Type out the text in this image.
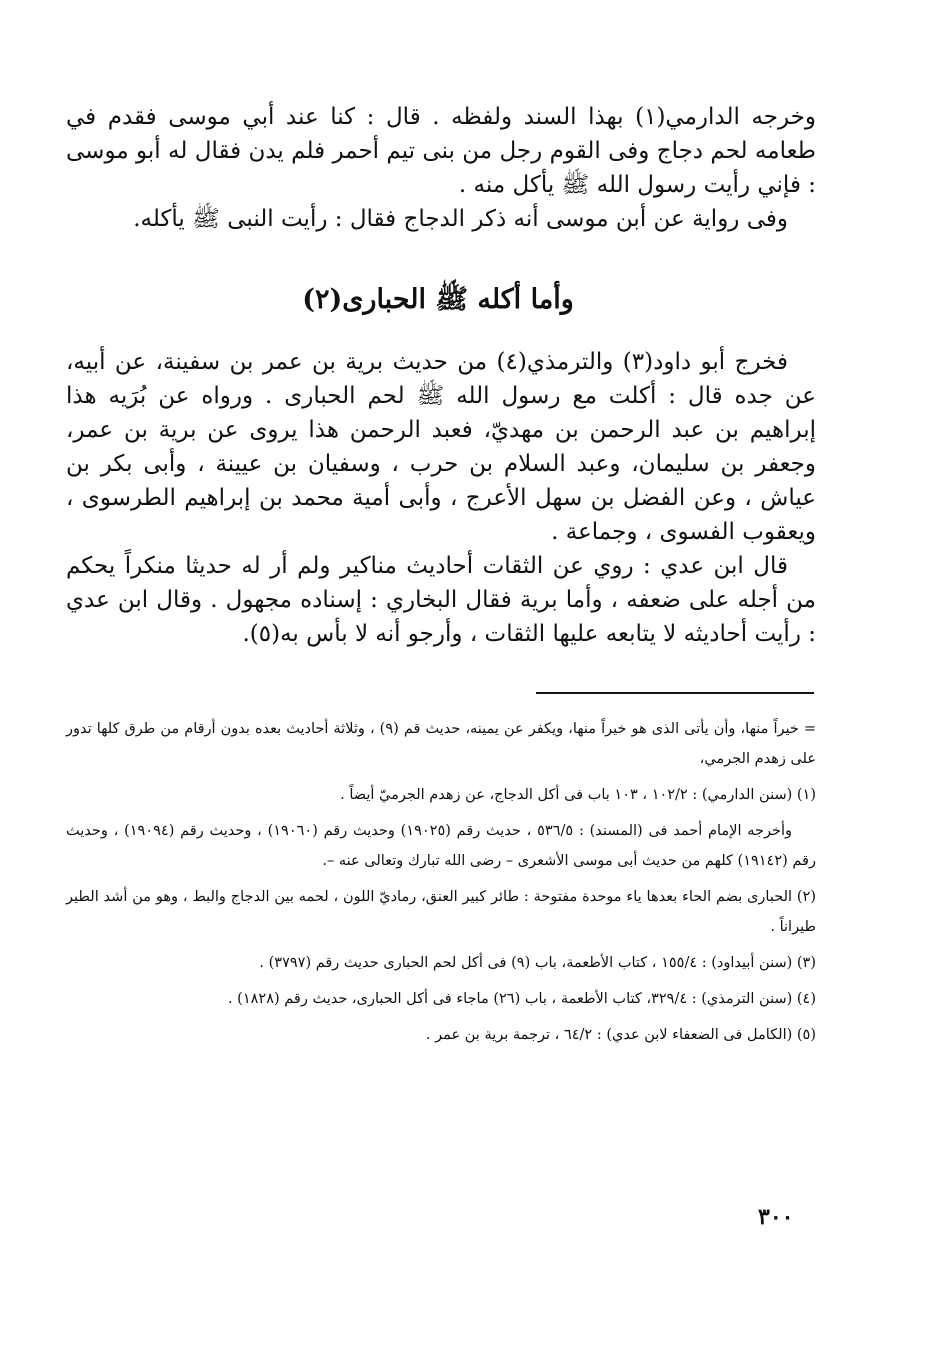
وخرجه الدارمي(١) بهذا السند ولفظه . قال : كنا عند أبي موسى فقدم في طعامه لحم دجاج وفى القوم رجل من بنى تيم أحمر فلم يدن فقال له أبو موسى : فإني رأيت رسول الله ﷺ يأكل منه .

وفى رواية عن أبن موسى أنه ذكر الدجاج فقال : رأيت النبى ﷺ يأكله.

وأما أكله ﷺ الحبارى(٢)

فخرج أبو داود(٣) والترمذي(٤) من حديث برية بن عمر بن سفينة، عن أبيه، عن جده قال : أكلت مع رسول الله ﷺ لحم الحبارى . ورواه عن بُرَيه هذا إبراهيم بن عبد الرحمن بن مهديّ، فعبد الرحمن هذا يروى عن برية بن عمر، وجعفر بن سليمان، وعبد السلام بن حرب ، وسفيان بن عيينة ، وأبى بكر بن عياش ، وعن الفضل بن سهل الأعرج ، وأبى أمية محمد بن إبراهيم الطرسوى ، ويعقوب الفسوى ، وجماعة .

قال ابن عدي : روي عن الثقات أحاديث مناكير ولم أر له حديثا منكراً يحكم من أجله على ضعفه ، وأما برية فقال البخاري : إسناده مجهول . وقال ابن عدي : رأيت أحاديثه لا يتابعه عليها الثقات ، وأرجو أنه لا بأس به(٥).

= خيراً منها، وأن يأتى الذى هو خيراً منها، ويكفر عن يمينه، حديث قم (٩) ، وثلاثة أحاديث بعده بدون أرقام من طرق كلها تدور على زهدم الجرمي،

(١) (سنن الدارمي) : ١٠٢/٢ ، ١٠٣ باب فى أكل الدجاج، عن زهدم الجرميّ أيضاً .

وأخرجه الإمام أحمد فى (المسند) : ٥٣٦/٥ ، حديث رقم (١٩٠٢٥) وحديث رقم (١٩٠٦٠) ، وحديث رقم (١٩٠٩٤) ، وحديث رقم (١٩١٤٢) كلهم من حديث أبى موسى الأشعرى – رضى الله تبارك وتعالى عنه –.

(٢) الحبارى بضم الحاء بعدها ياء موحدة مفتوحة : طائر كبير العنق، رماديّ اللون ، لحمه بين الدجاج والبط ، وهو من أشد الطير طيراناً .

(٣) (سنن أبيداود) : ١٥٥/٤ ، كتاب الأطعمة، باب (٩) فى أكل لحم الحبارى حديث رقم (٣٧٩٧) .

(٤) (سنن الترمذي) : ٣٢٩/٤، كتاب الأطعمة ، باب (٢٦) ماجاء فى أكل الحبارى، حديث رقم (١٨٢٨) .

(٥) (الكامل فى الضعفاء لابن عدي) : ٦٤/٢ ، ترجمة برية بن عمر .

٣٠٠
